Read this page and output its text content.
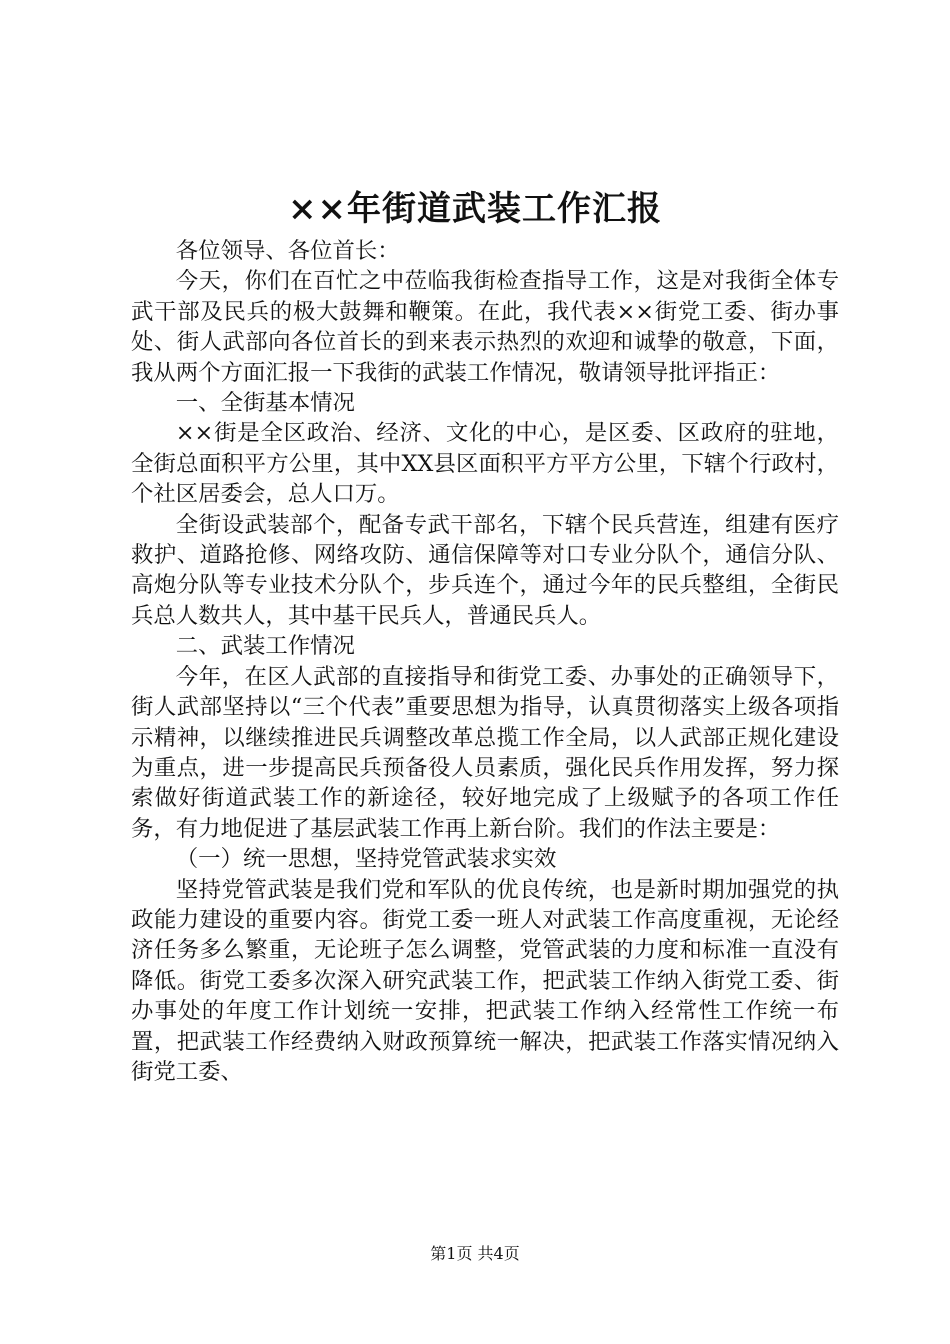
××年街道武装工作汇报

各位领导、各位首长：

今天，你们在百忙之中莅临我街检查指导工作，这是对我街全体专武干部及民兵的极大鼓舞和鞭策。在此，我代表××街党工委、街办事处、街人武部向各位首长的到来表示热烈的欢迎和诚挚的敬意，下面，我从两个方面汇报一下我街的武装工作情况，敬请领导批评指正：

一、全街基本情况

××街是全区政治、经济、文化的中心，是区委、区政府的驻地，全街总面积平方公里，其中XX县区面积平方平方公里，下辖个行政村，个社区居委会，总人口万。

全街设武装部个，配备专武干部名，下辖个民兵营连，组建有医疗救护、道路抢修、网络攻防、通信保障等对口专业分队个，通信分队、高炮分队等专业技术分队个，步兵连个，通过今年的民兵整组，全街民兵总人数共人，其中基干民兵人，普通民兵人。

二、武装工作情况

今年，在区人武部的直接指导和街党工委、办事处的正确领导下，街人武部坚持以“三个代表”重要思想为指导，认真贯彻落实上级各项指示精神，以继续推进民兵调整改革总揽工作全局，以人武部正规化建设为重点，进一步提高民兵预备役人员素质，强化民兵作用发挥，努力探索做好街道武装工作的新途径，较好地完成了上级赋予的各项工作任务，有力地促进了基层武装工作再上新台阶。我们的作法主要是：

（一）统一思想，坚持党管武装求实效

坚持党管武装是我们党和军队的优良传统，也是新时期加强党的执政能力建设的重要内容。街党工委一班人对武装工作高度重视，无论经济任务多么繁重，无论班子怎么调整，党管武装的力度和标准一直没有降低。街党工委多次深入研究武装工作，把武装工作纳入街党工委、街办事处的年度工作计划统一安排，把武装工作纳入经常性工作统一布置，把武装工作经费纳入财政预算统一解决，把武装工作落实情况纳入街党工委、

第1页 共4页
